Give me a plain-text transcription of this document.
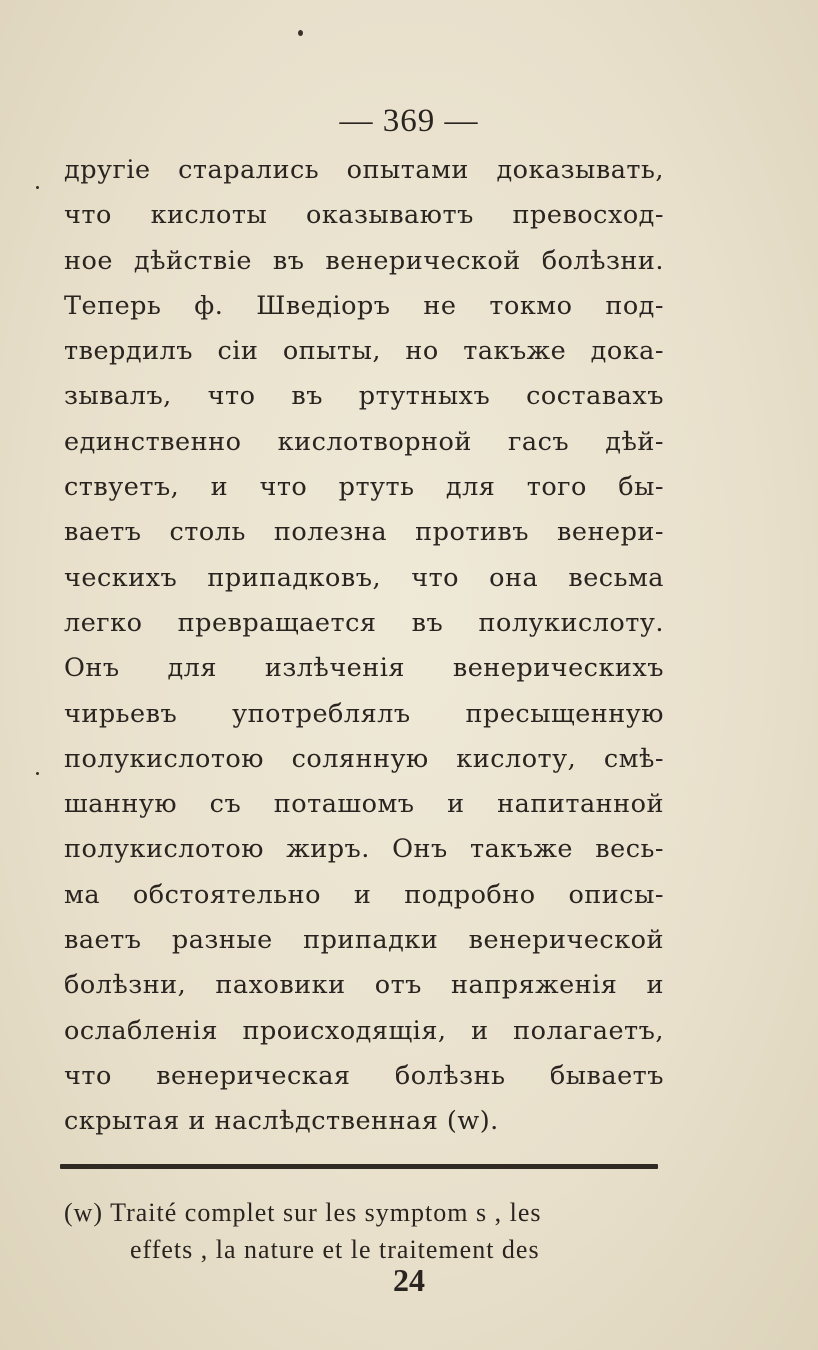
— 369 —
другіе старались опытами доказывать,
что кислоты оказываютъ превосход-
ное дѣйствіе въ венерической болѣзни.
Теперь ф. Шведіоръ не токмо под-
твердилъ сіи опыты, но такъже дока-
зывалъ, что въ ртутныхъ составахъ
единственно кислотворной гасъ дѣй-
ствуетъ, и что ртуть для того бы-
ваетъ столь полезна противъ венери-
ческихъ припадковъ, что она весьма
легко превращается въ полукислоту.
Онъ для излѣченія венерическихъ
чирьевъ употреблялъ пресыщенную
полукислотою солянную кислоту, смѣ-
шанную съ поташомъ и напитанной
полукислотою жиръ. Онъ такъже весь-
ма обстоятельно и подробно описы-
ваетъ разные припадки венерической
болѣзни, паховики отъ напряженія и
ослабленія происходящія, и полагаетъ,
что венерическая болѣзнь бываетъ
скрытая и наслѣдственная (w).
(w) Traité complet sur les symptom s , les
effets , la nature et le traitement des
24
